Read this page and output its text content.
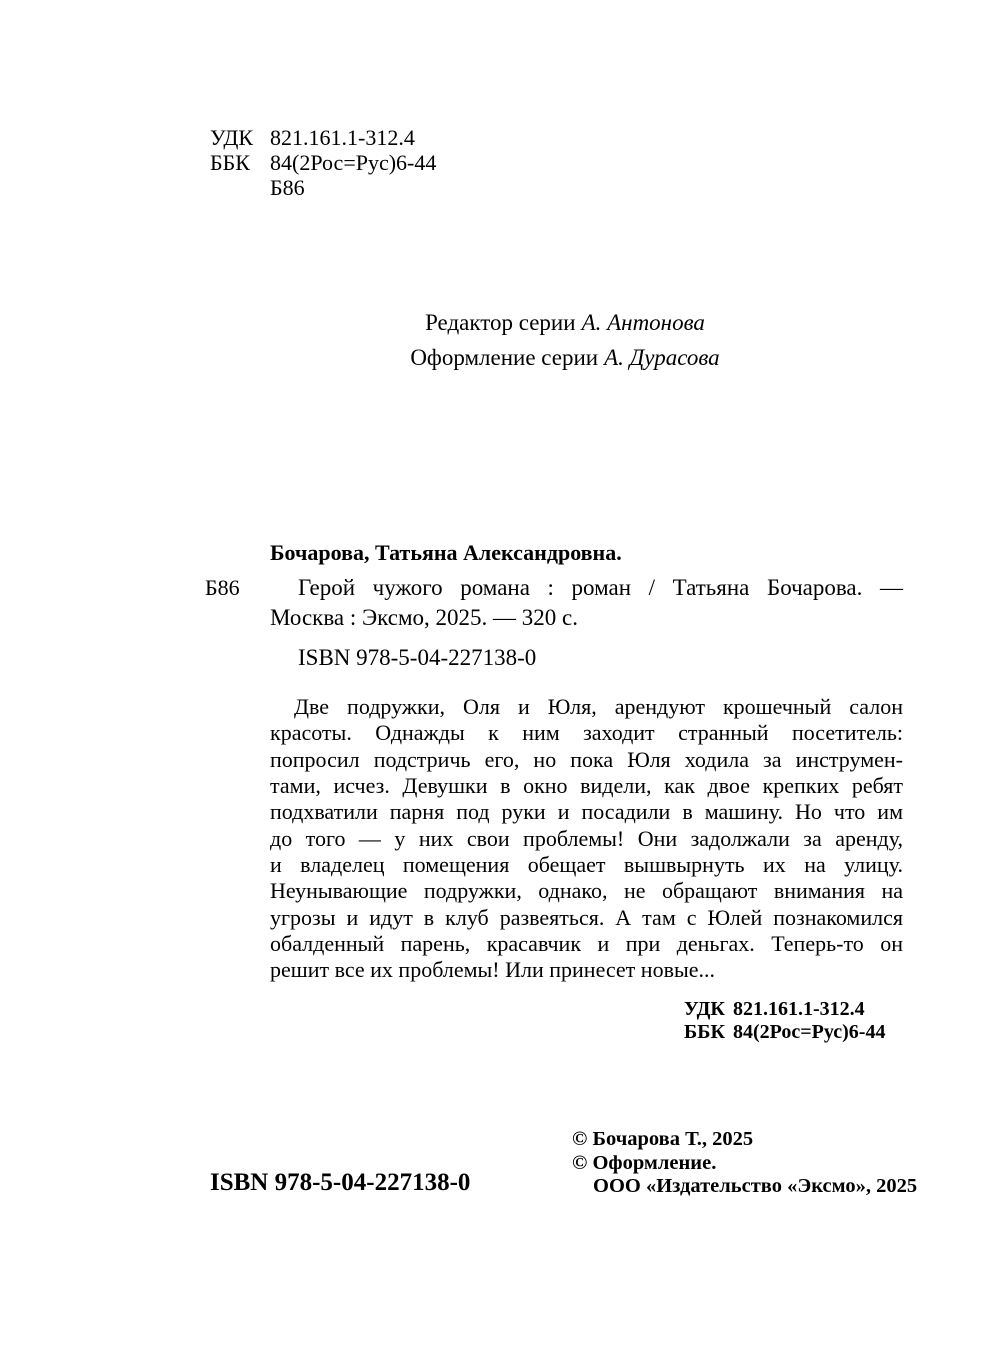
УДК 821.161.1-312.4
ББК 84(2Рос=Рус)6-44
Б86
Редактор серии А. Антонова
Оформление серии А. Дурасова
Бочарова, Татьяна Александровна.
Б86	Герой чужого романа : роман / Татьяна Бочарова. —
Москва : Эксмо, 2025. — 320 с.
ISBN 978-5-04-227138-0
Две подружки, Оля и Юля, арендуют крошечный салон
красоты. Однажды к ним заходит странный посетитель:
попросил подстричь его, но пока Юля ходила за инструмен-
тами, исчез. Девушки в окно видели, как двое крепких ребят
подхватили парня под руки и посадили в машину. Но что им
до того — у них свои проблемы! Они задолжали за аренду,
и владелец помещения обещает вышвырнуть их на улицу.
Неунывающие подружки, однако, не обращают внимания на
угрозы и идут в клуб развеяться. А там с Юлей познакомился
обалденный парень, красавчик и при деньгах. Теперь-то он
решит все их проблемы! Или принесет новые...
УДК 821.161.1-312.4
ББК 84(2Рос=Рус)6-44
© Бочарова Т., 2025
© Оформление.
ООО «Издательство «Эксмо», 2025
ISBN 978-5-04-227138-0
